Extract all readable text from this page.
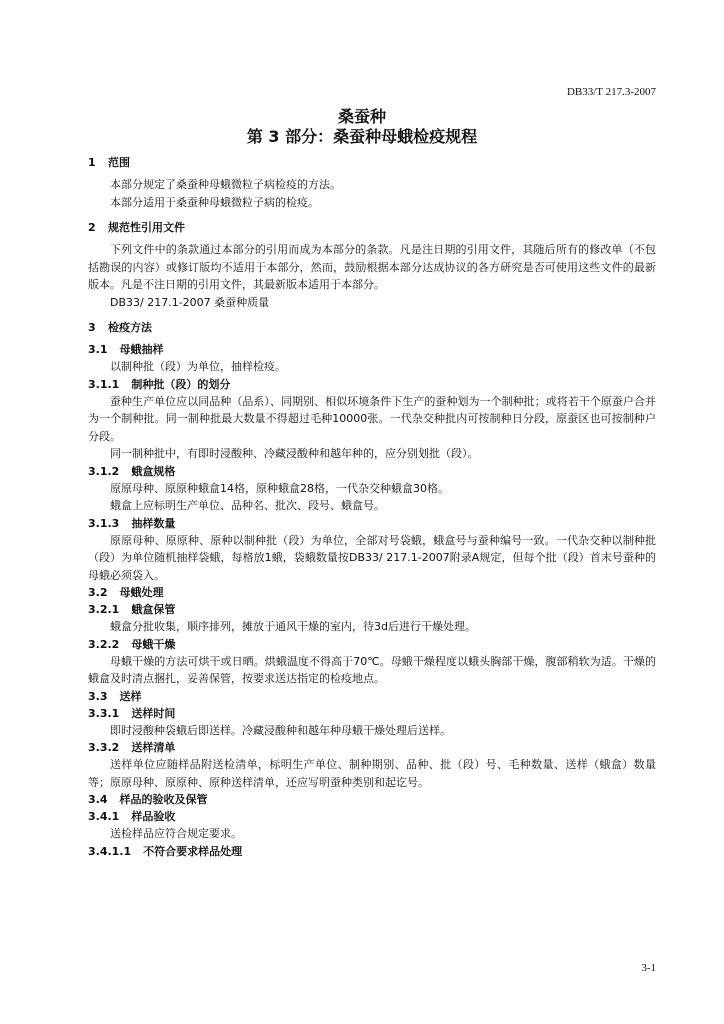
DB33/T 217.3-2007
桑蚕种
第 3 部分：桑蚕种母蛾检疫规程
1 范围
本部分规定了桑蚕种母蛾微粒子病检疫的方法。
本部分适用于桑蚕种母蛾微粒子病的检疫。
2 规范性引用文件
下列文件中的条款通过本部分的引用而成为本部分的条款。凡是注日期的引用文件，其随后所有的修改单（不包括勘误的内容）或修订版均不适用于本部分，然而，鼓励根据本部分达成协议的各方研究是否可使用这些文件的最新版本。凡是不注日期的引用文件，其最新版本适用于本部分。
DB33/ 217.1-2007 桑蚕种质量
3 检疫方法
3.1 母蛾抽样
以制种批（段）为单位，抽样检疫。
3.1.1 制种批（段）的划分
蚕种生产单位应以同品种（品系）、同期别、相似环境条件下生产的蚕种划为一个制种批；或将若干个原蚕户合并为一个制种批。同一制种批最大数量不得超过毛种10000张。一代杂交种批内可按制种日分段，原蚕区也可按制种户分段。
同一制种批中，有即时浸酸种、冷藏浸酸种和越年种的，应分别划批（段）。
3.1.2 蛾盒规格
原原母种、原原种蛾盒14格，原种蛾盒28格，一代杂交种蛾盒30格。
蛾盒上应标明生产单位、品种名、批次、段号、蛾盒号。
3.1.3 抽样数量
原原母种、原原种、原种以制种批（段）为单位，全部对号袋蛾，蛾盒号与蚕种编号一致。一代杂交种以制种批（段）为单位随机抽样袋蛾，每格放1蛾，袋蛾数量按DB33/ 217.1-2007附录A规定，但每个批（段）首末号蚕种的母蛾必须袋入。
3.2 母蛾处理
3.2.1 蛾盒保管
蛾盒分批收集，顺序排列，摊放于通风干燥的室内，待3d后进行干燥处理。
3.2.2 母蛾干燥
母蛾干燥的方法可烘干或日晒。烘蛾温度不得高于70℃。母蛾干燥程度以蛾头胸部干燥，腹部稍软为适。干燥的蛾盒及时清点捆扎，妥善保管，按要求送达指定的检疫地点。
3.3 送样
3.3.1 送样时间
即时浸酸种袋蛾后即送样。冷藏浸酸种和越年种母蛾干燥处理后送样。
3.3.2 送样清单
送样单位应随样品附送检清单，标明生产单位、制种期别、品种、批（段）号、毛种数量、送样（蛾盒）数量等；原原母种、原原种、原种送样清单，还应写明蚕种类别和起讫号。
3.4 样品的验收及保管
3.4.1 样品验收
送检样品应符合规定要求。
3.4.1.1 不符合要求样品处理
3-1
